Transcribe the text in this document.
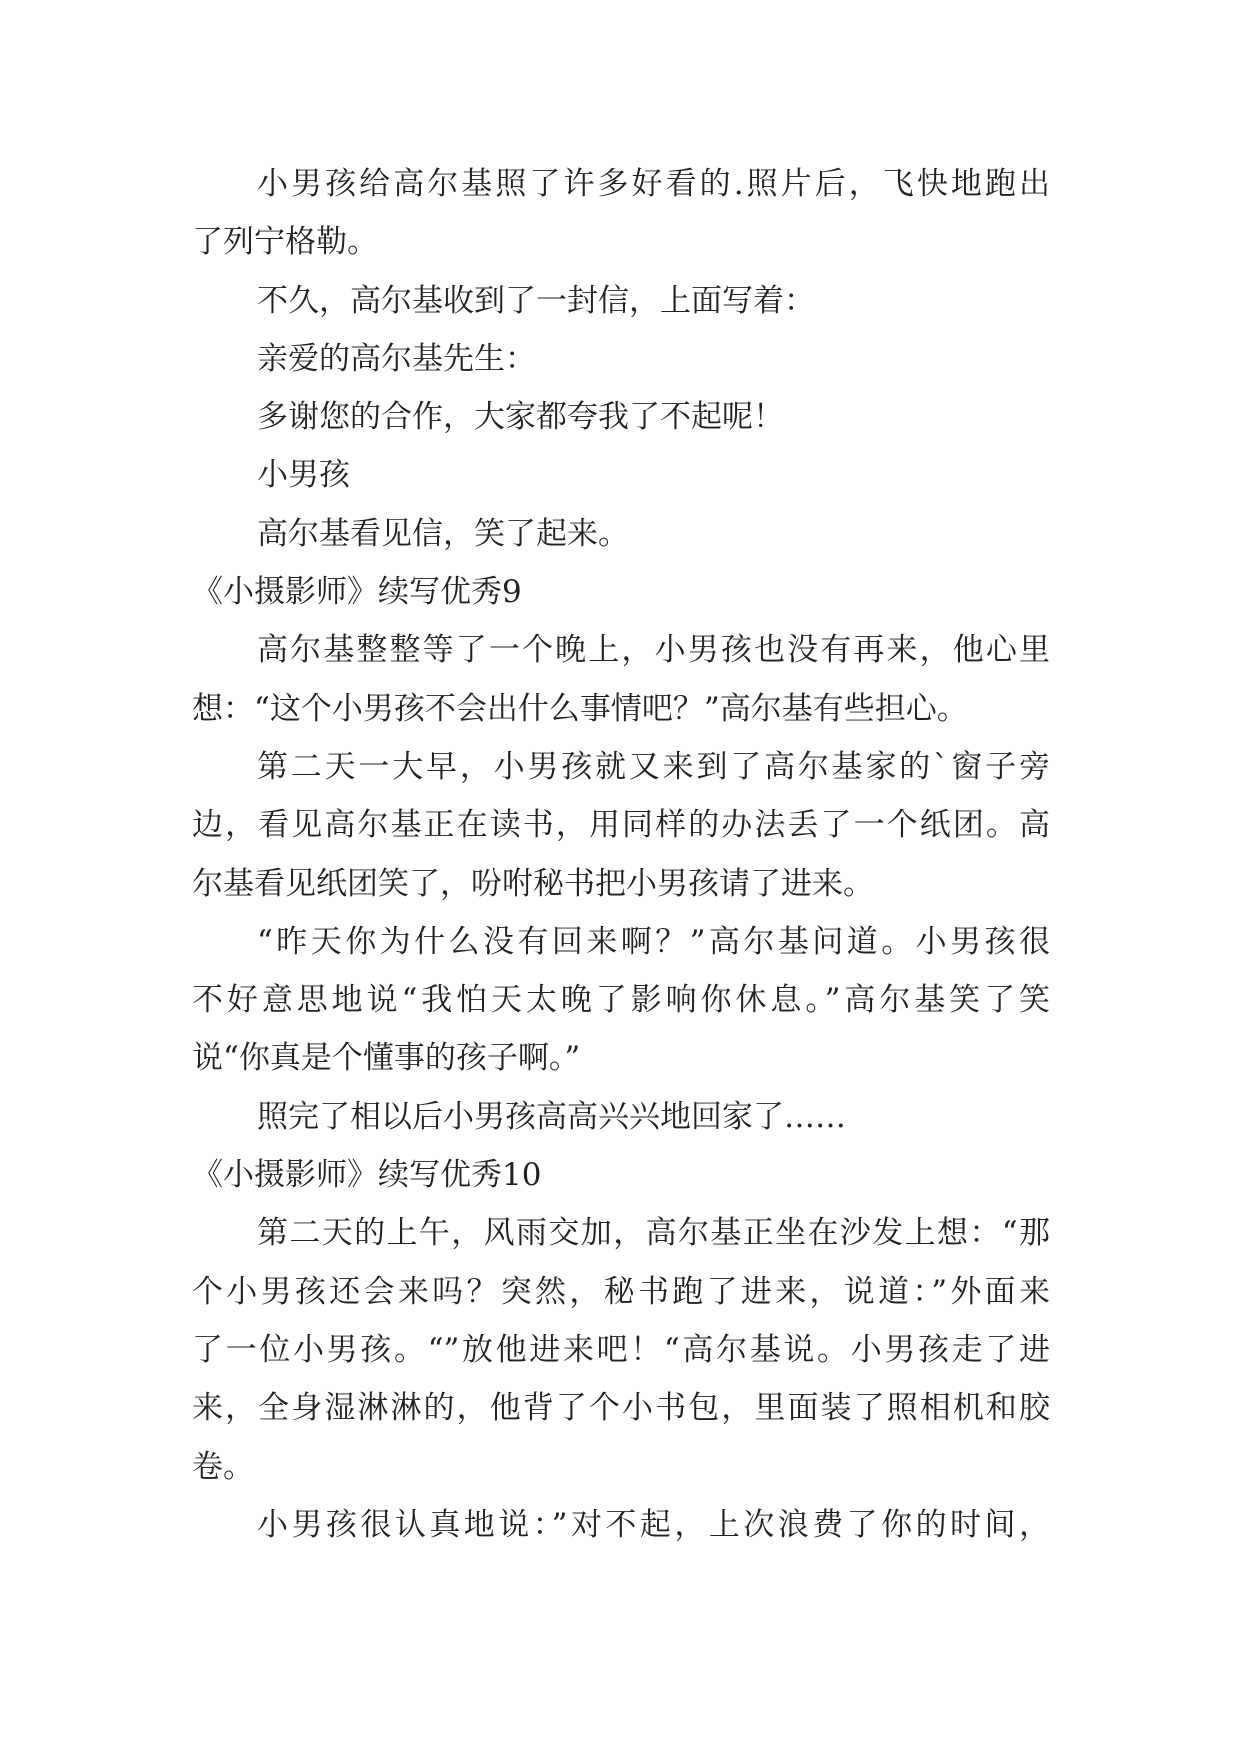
小男孩给高尔基照了许多好看的.照片后，飞快地跑出
了列宁格勒。
不久，高尔基收到了一封信，上面写着：
亲爱的高尔基先生：
多谢您的合作，大家都夸我了不起呢！
小男孩
高尔基看见信，笑了起来。
《小摄影师》续写优秀9
高尔基整整等了一个晚上，小男孩也没有再来，他心里
想：“这个小男孩不会出什么事情吧？”高尔基有些担心。
第二天一大早，小男孩就又来到了高尔基家的`窗子旁
边，看见高尔基正在读书，用同样的办法丢了一个纸团。高
尔基看见纸团笑了，吩咐秘书把小男孩请了进来。
“昨天你为什么没有回来啊？”高尔基问道。小男孩很
不好意思地说“我怕天太晚了影响你休息。”高尔基笑了笑
说“你真是个懂事的孩子啊。”
照完了相以后小男孩高高兴兴地回家了……
《小摄影师》续写优秀10
第二天的上午，风雨交加，高尔基正坐在沙发上想：“那
个小男孩还会来吗？突然，秘书跑了进来，说道：”外面来
了一位小男孩。“”放他进来吧！“高尔基说。小男孩走了进
来，全身湿淋淋的，他背了个小书包，里面装了照相机和胶
卷。
小男孩很认真地说：”对不起，上次浪费了你的时间，
